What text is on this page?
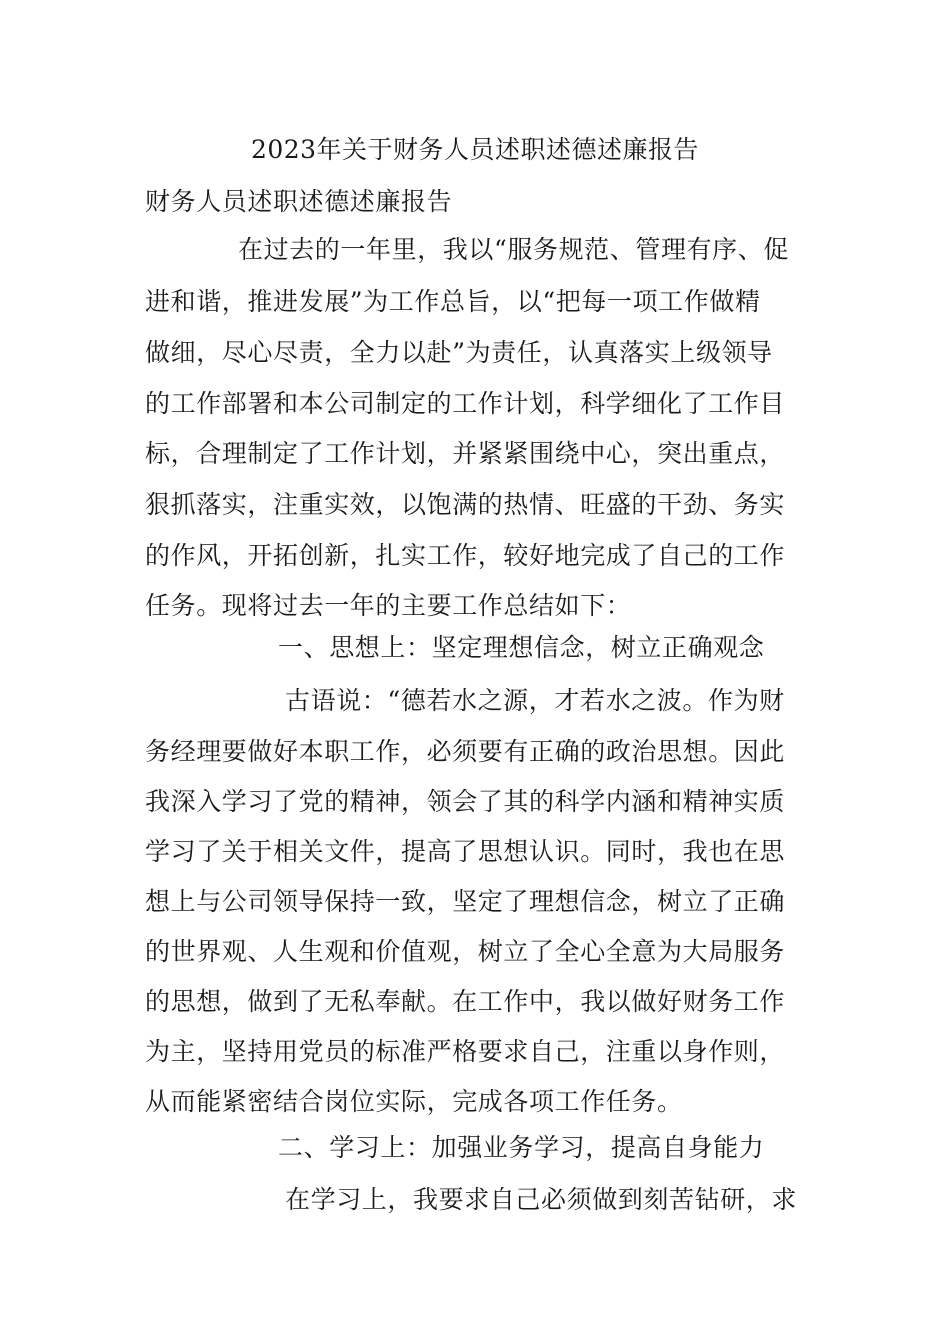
2023年关于财务人员述职述德述廉报告
财务人员述职述德述廉报告
在过去的一年里，我以“服务规范、管理有序、促
进和谐，推进发展”为工作总旨，以“把每一项工作做精
做细，尽心尽责，全力以赴”为责任，认真落实上级领导
的工作部署和本公司制定的工作计划，科学细化了工作目
标，合理制定了工作计划，并紧紧围绕中心，突出重点，
狠抓落实，注重实效，以饱满的热情、旺盛的干劲、务实
的作风，开拓创新，扎实工作，较好地完成了自己的工作
任务。现将过去一年的主要工作总结如下：
一、思想上：坚定理想信念，树立正确观念
古语说：“德若水之源，才若水之波。作为财
务经理要做好本职工作，必须要有正确的政治思想。因此
我深入学习了党的精神，领会了其的科学内涵和精神实质
学习了关于相关文件，提高了思想认识。同时，我也在思
想上与公司领导保持一致，坚定了理想信念，树立了正确
的世界观、人生观和价值观，树立了全心全意为大局服务
的思想，做到了无私奉献。在工作中，我以做好财务工作
为主，坚持用党员的标准严格要求自己，注重以身作则，
从而能紧密结合岗位实际，完成各项工作任务。
二、学习上：加强业务学习，提高自身能力
在学习上，我要求自己必须做到刻苦钻研，求
